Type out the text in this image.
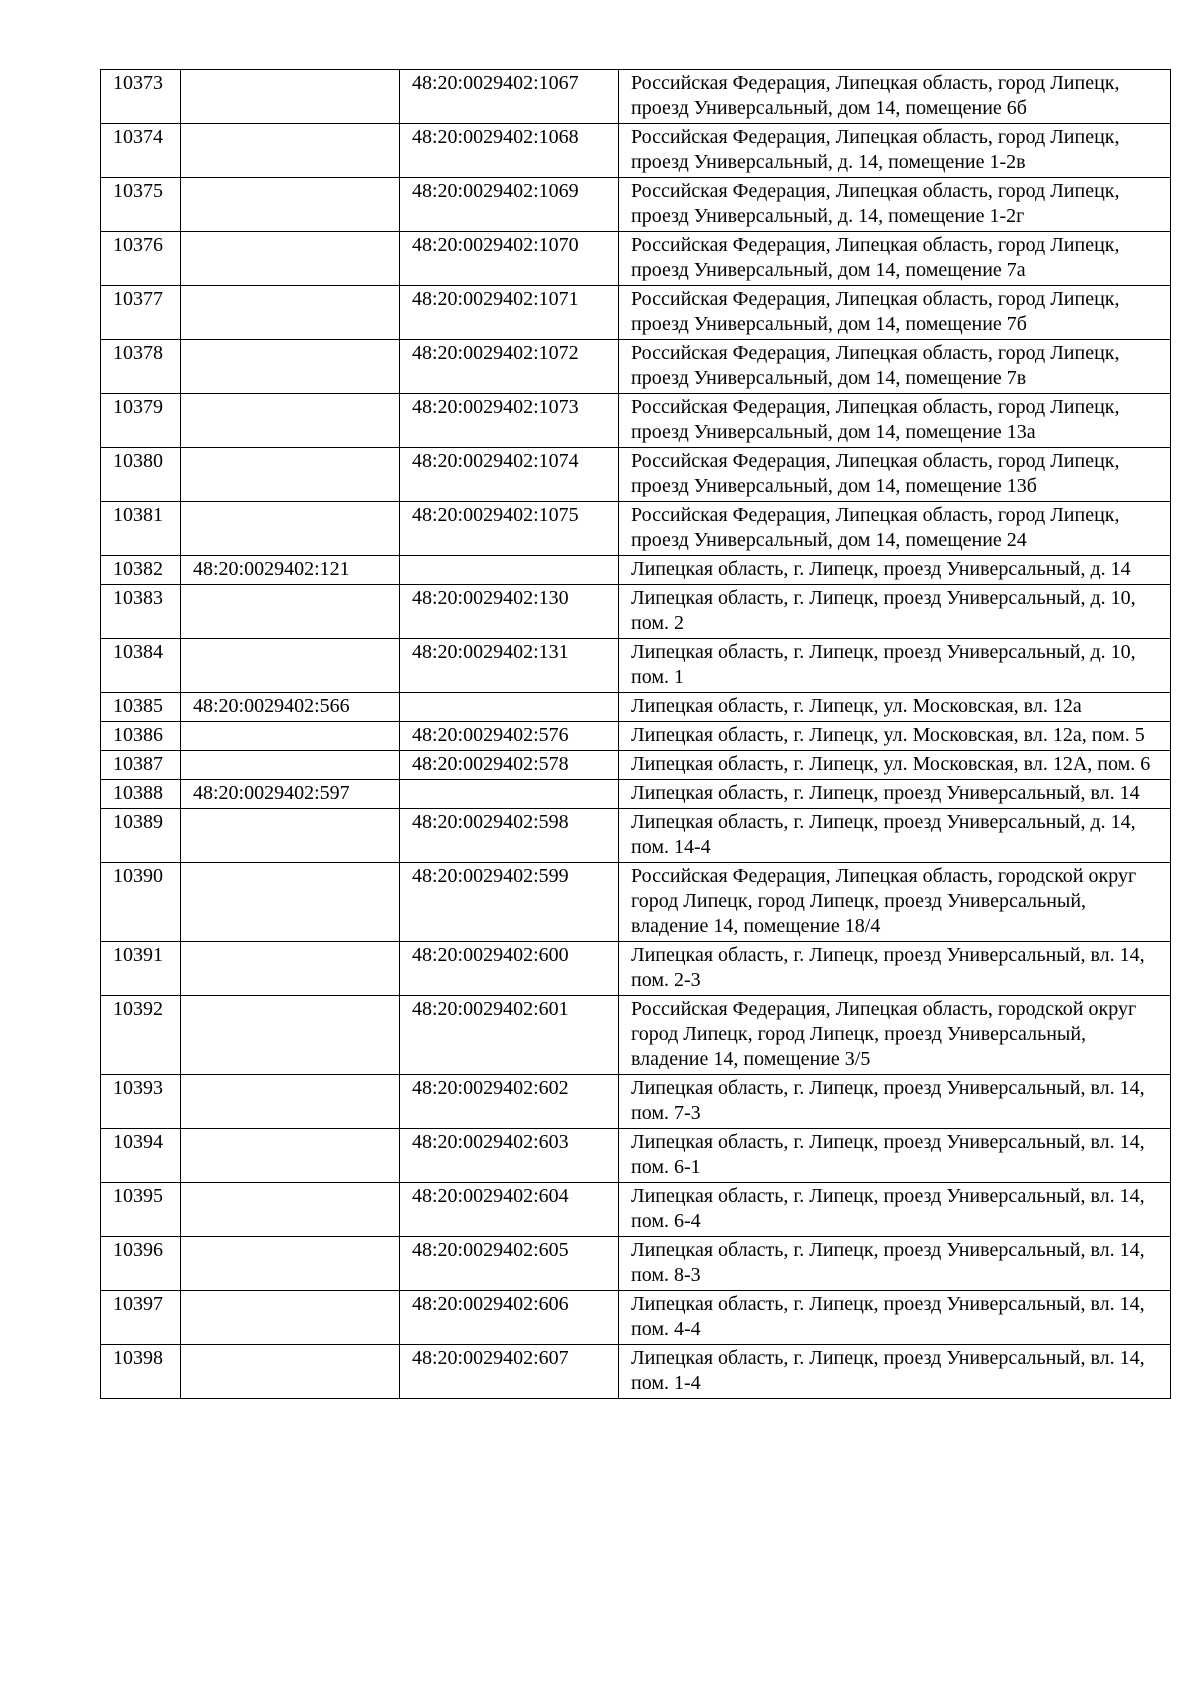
10373		48:20:0029402:1067	Российская Федерация, Липецкая область, город Липецк, проезд Универсальный, дом 14, помещение 6б
10374		48:20:0029402:1068	Российская Федерация, Липецкая область, город Липецк, проезд Универсальный, д. 14, помещение 1-2в
10375		48:20:0029402:1069	Российская Федерация, Липецкая область, город Липецк, проезд Универсальный, д. 14, помещение 1-2г
10376		48:20:0029402:1070	Российская Федерация, Липецкая область, город Липецк, проезд Универсальный, дом 14, помещение 7а
10377		48:20:0029402:1071	Российская Федерация, Липецкая область, город Липецк, проезд Универсальный, дом 14, помещение 7б
10378		48:20:0029402:1072	Российская Федерация, Липецкая область, город Липецк, проезд Универсальный, дом 14, помещение 7в
10379		48:20:0029402:1073	Российская Федерация, Липецкая область, город Липецк, проезд Универсальный, дом 14, помещение 13а
10380		48:20:0029402:1074	Российская Федерация, Липецкая область, город Липецк, проезд Универсальный, дом 14, помещение 13б
10381		48:20:0029402:1075	Российская Федерация, Липецкая область, город Липецк, проезд Универсальный, дом 14, помещение 24
10382	48:20:0029402:121		Липецкая область, г. Липецк, проезд Универсальный, д. 14
10383		48:20:0029402:130	Липецкая область, г. Липецк, проезд Универсальный, д. 10, пом. 2
10384		48:20:0029402:131	Липецкая область, г. Липецк, проезд Универсальный, д. 10, пом. 1
10385	48:20:0029402:566		Липецкая область, г. Липецк, ул. Московская, вл. 12а
10386		48:20:0029402:576	Липецкая область, г. Липецк, ул. Московская, вл. 12а, пом. 5
10387		48:20:0029402:578	Липецкая область, г. Липецк, ул. Московская, вл. 12А, пом. 6
10388	48:20:0029402:597		Липецкая область, г. Липецк, проезд Универсальный, вл. 14
10389		48:20:0029402:598	Липецкая область, г. Липецк, проезд Универсальный, д. 14, пом. 14-4
10390		48:20:0029402:599	Российская Федерация, Липецкая область, городской округ город Липецк, город Липецк, проезд Универсальный, владение 14, помещение 18/4
10391		48:20:0029402:600	Липецкая область, г. Липецк, проезд Универсальный, вл. 14, пом. 2-3
10392		48:20:0029402:601	Российская Федерация, Липецкая область, городской округ город Липецк, город Липецк, проезд Универсальный, владение 14, помещение 3/5
10393		48:20:0029402:602	Липецкая область, г. Липецк, проезд Универсальный, вл. 14, пом. 7-3
10394		48:20:0029402:603	Липецкая область, г. Липецк, проезд Универсальный, вл. 14, пом. 6-1
10395		48:20:0029402:604	Липецкая область, г. Липецк, проезд Универсальный, вл. 14, пом. 6-4
10396		48:20:0029402:605	Липецкая область, г. Липецк, проезд Универсальный, вл. 14, пом. 8-3
10397		48:20:0029402:606	Липецкая область, г. Липецк, проезд Универсальный, вл. 14, пом. 4-4
10398		48:20:0029402:607	Липецкая область, г. Липецк, проезд Универсальный, вл. 14, пом. 1-4
